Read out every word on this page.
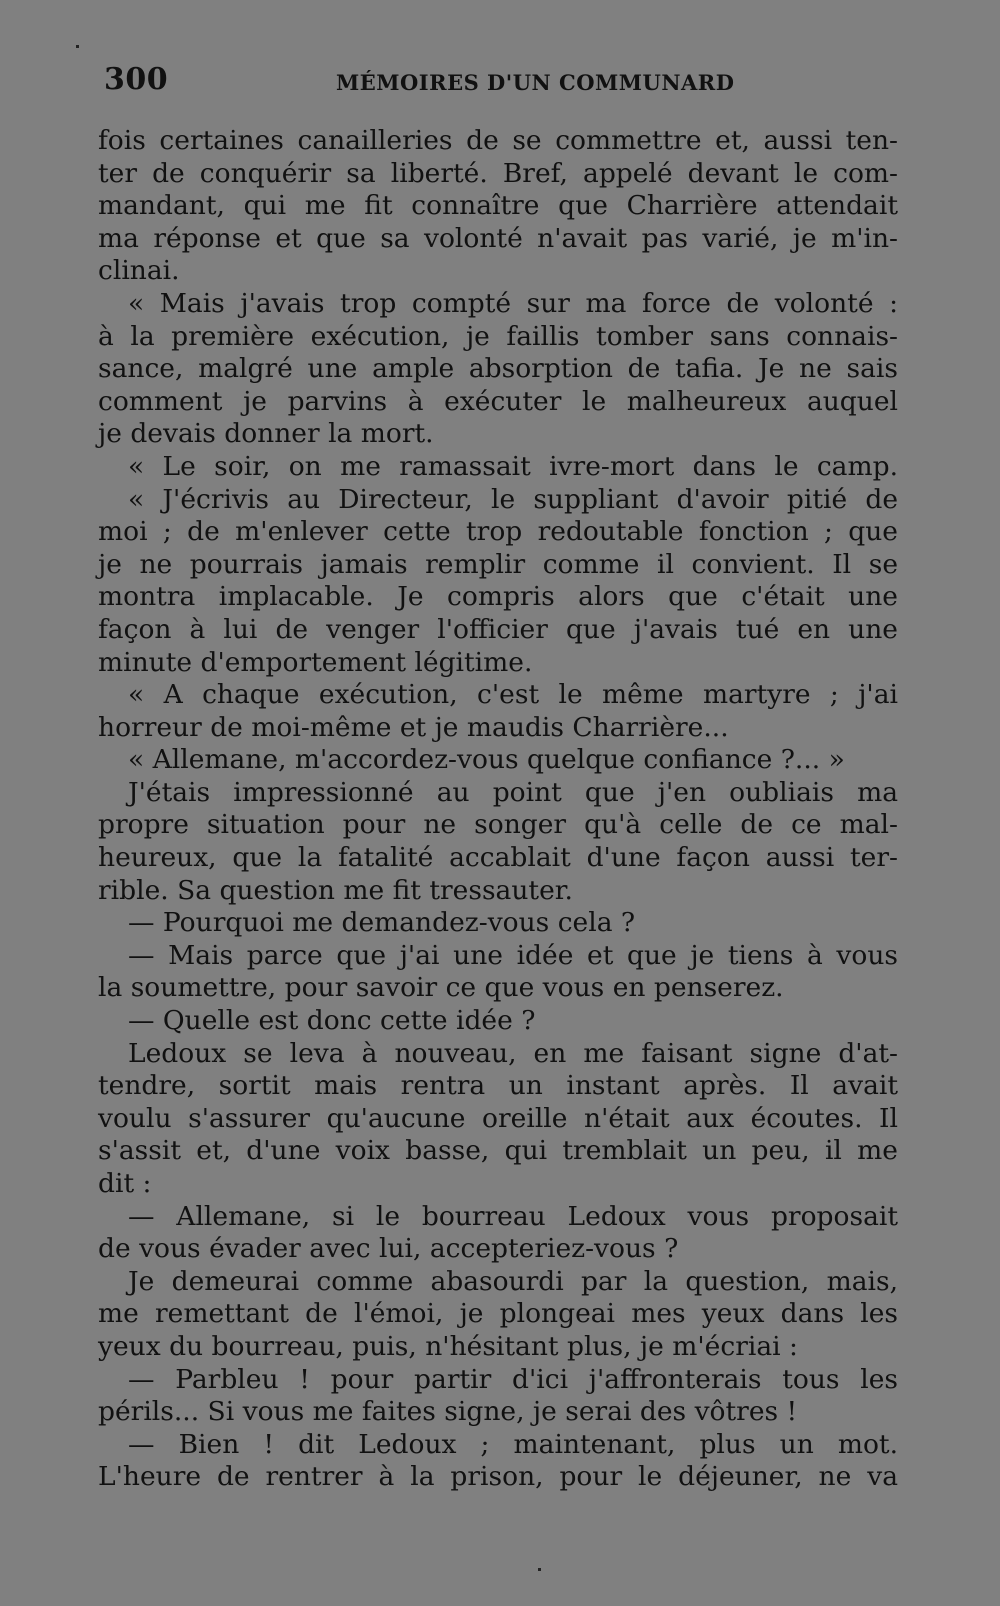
300	MÉMOIRES D'UN COMMUNARD
fois certaines canailleries de se commettre et, aussi ten-
ter de conquérir sa liberté. Bref, appelé devant le com-
mandant, qui me fit connaître que Charrière attendait
ma réponse et que sa volonté n'avait pas varié, je m'in-
clinai.
« Mais j'avais trop compté sur ma force de volonté :
à la première exécution, je faillis tomber sans connais-
sance, malgré une ample absorption de tafia. Je ne sais
comment je parvins à exécuter le malheureux auquel
je devais donner la mort.
« Le soir, on me ramassait ivre-mort dans le camp.
« J'écrivis au Directeur, le suppliant d'avoir pitié de
moi ; de m'enlever cette trop redoutable fonction ; que
je ne pourrais jamais remplir comme il convient. Il se
montra implacable. Je compris alors que c'était une
façon à lui de venger l'officier que j'avais tué en une
minute d'emportement légitime.
« A chaque exécution, c'est le même martyre ; j'ai
horreur de moi-même et je maudis Charrière...
« Allemane, m'accordez-vous quelque confiance ?... »
J'étais impressionné au point que j'en oubliais ma
propre situation pour ne songer qu'à celle de ce mal-
heureux, que la fatalité accablait d'une façon aussi ter-
rible. Sa question me fit tressauter.
— Pourquoi me demandez-vous cela ?
— Mais parce que j'ai une idée et que je tiens à vous
la soumettre, pour savoir ce que vous en penserez.
— Quelle est donc cette idée ?
Ledoux se leva à nouveau, en me faisant signe d'at-
tendre, sortit mais rentra un instant après. Il avait
voulu s'assurer qu'aucune oreille n'était aux écoutes. Il
s'assit et, d'une voix basse, qui tremblait un peu, il me
dit :
— Allemane, si le bourreau Ledoux vous proposait
de vous évader avec lui, accepteriez-vous ?
Je demeurai comme abasourdi par la question, mais,
me remettant de l'émoi, je plongeai mes yeux dans les
yeux du bourreau, puis, n'hésitant plus, je m'écriai :
— Parbleu ! pour partir d'ici j'affronterais tous les
périls... Si vous me faites signe, je serai des vôtres !
— Bien ! dit Ledoux ; maintenant, plus un mot.
L'heure de rentrer à la prison, pour le déjeuner, ne va
